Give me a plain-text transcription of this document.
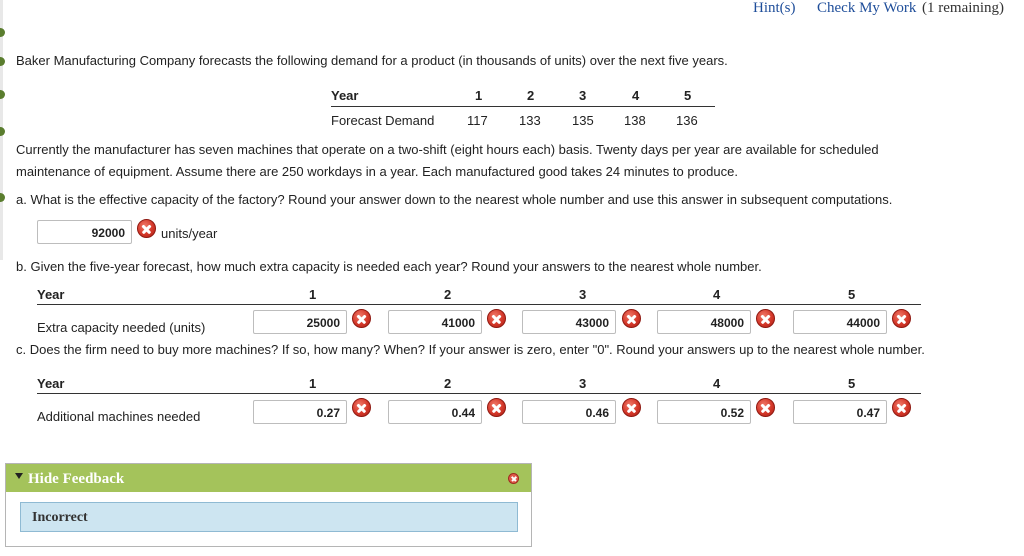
Hint(s) Check My Work (1 remaining)
Baker Manufacturing Company forecasts the following demand for a product (in thousands of units) over the next five years.
Year	1	2	3	4	5
Forecast Demand	117 133 135 138 136
Currently the manufacturer has seven machines that operate on a two-shift (eight hours each) basis. Twenty days per year are available for scheduled
maintenance of equipment. Assume there are 250 workdays in a year. Each manufactured good takes 24 minutes to produce.
a. What is the effective capacity of the factory? Round your answer down to the nearest whole number and use this answer in subsequent computations.
92000	units/year
b. Given the five-year forecast, how much extra capacity is needed each year? Round your answers to the nearest whole number.
Year	1	2	3	4	5
Extra capacity needed (units)	25000	41000	43000	48000	44000
c. Does the firm need to buy more machines? If so, how many? When? If your answer is zero, enter "0". Round your answers up to the nearest whole number.
Year	1	2	3	4	5
Additional machines needed	0.27	0.44	0.46	0.52	0.47
Hide Feedback
Incorrect
